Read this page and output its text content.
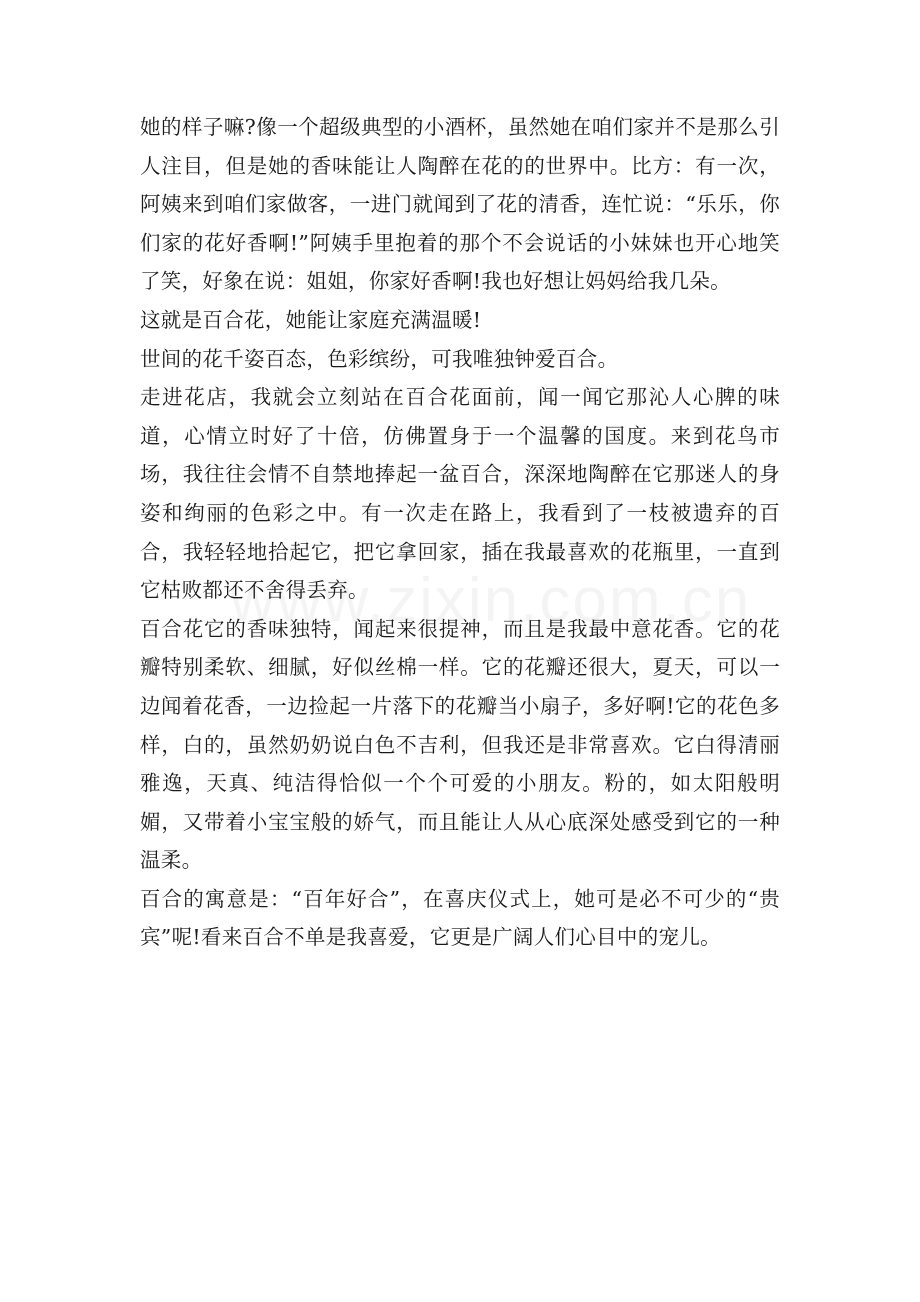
她的样子嘛?像一个超级典型的小酒杯，虽然她在咱们家并不是那么引人注目，但是她的香味能让人陶醉在花的的世界中。比方：有一次，阿姨来到咱们家做客，一进门就闻到了花的清香，连忙说：“乐乐，你们家的花好香啊!”阿姨手里抱着的那个不会说话的小妹妹也开心地笑了笑，好象在说：姐姐，你家好香啊!我也好想让妈妈给我几朵。

这就是百合花，她能让家庭充满温暖!

世间的花千姿百态，色彩缤纷，可我唯独钟爱百合。

走进花店，我就会立刻站在百合花面前，闻一闻它那沁人心脾的味道，心情立时好了十倍，仿佛置身于一个温馨的国度。来到花鸟市场，我往往会情不自禁地捧起一盆百合，深深地陶醉在它那迷人的身姿和绚丽的色彩之中。有一次走在路上，我看到了一枝被遗弃的百合，我轻轻地拾起它，把它拿回家，插在我最喜欢的花瓶里，一直到它枯败都还不舍得丢弃。

百合花它的香味独特，闻起来很提神，而且是我最中意花香。它的花瓣特别柔软、细腻，好似丝棉一样。它的花瓣还很大，夏天，可以一边闻着花香，一边捡起一片落下的花瓣当小扇子，多好啊!它的花色多样，白的，虽然奶奶说白色不吉利，但我还是非常喜欢。它白得清丽雅逸，天真、纯洁得恰似一个个可爱的小朋友。粉的，如太阳般明媚，又带着小宝宝般的娇气，而且能让人从心底深处感受到它的一种温柔。

百合的寓意是：“百年好合”，在喜庆仪式上，她可是必不可少的“贵宾”呢!看来百合不单是我喜爱，它更是广阔人们心目中的宠儿。
